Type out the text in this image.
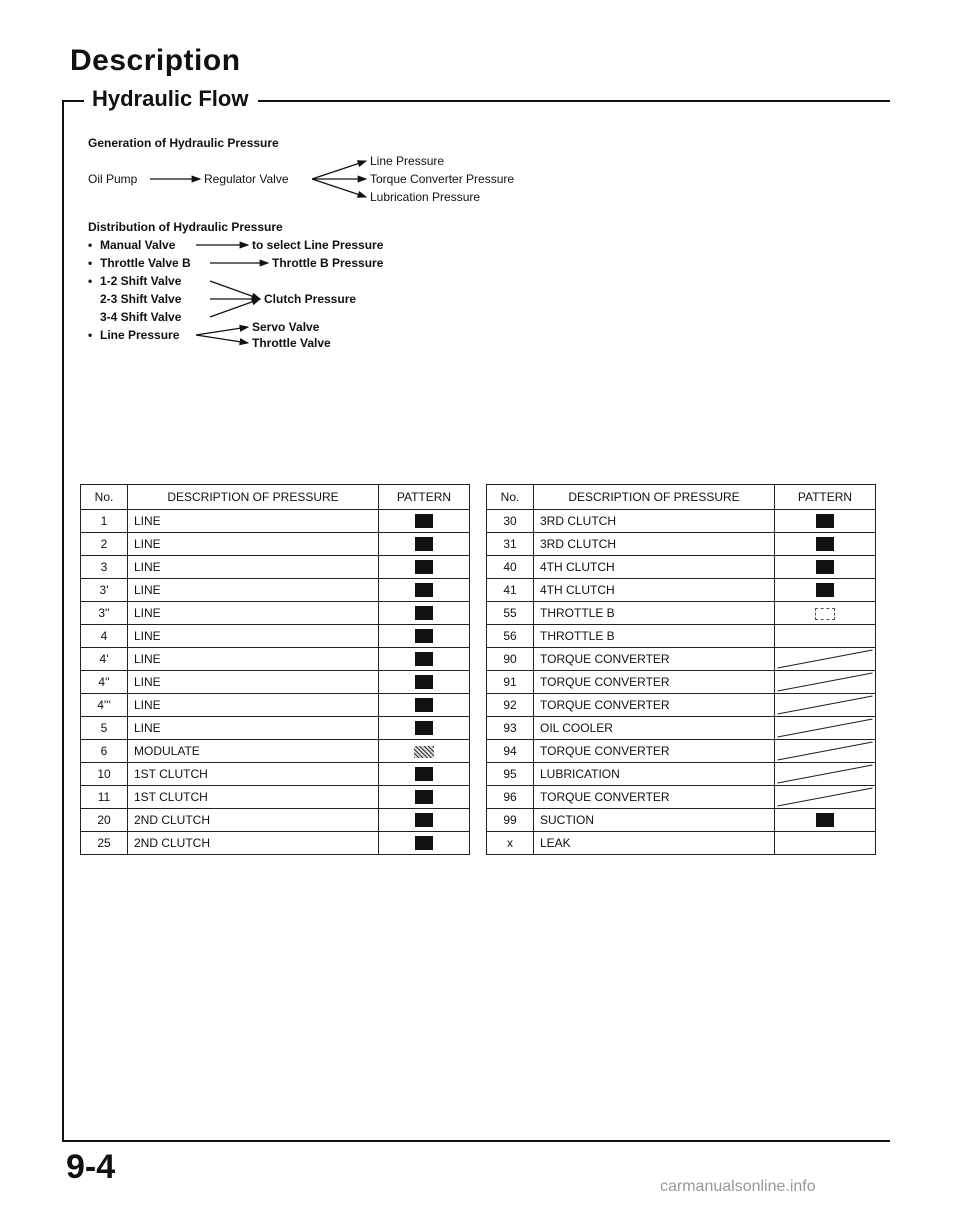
Description
Hydraulic Flow
Generation of Hydraulic Pressure
Oil Pump	Regulator Valve
Line Pressure
Torque Converter Pressure
Lubrication Pressure
Distribution of Hydraulic Pressure
• Manual Valve	to select Line Pressure
• Throttle Valve B	Throttle B Pressure
• 1-2 Shift Valve
2-3 Shift Valve
3-4 Shift Valve
Clutch Pressure
• Line Pressure
Servo Valve
Throttle Valve
No.	DESCRIPTION OF PRESSURE	PATTERN
1	LINE	
2	LINE	
3	LINE	
3'	LINE	
3''	LINE	
4	LINE	
4'	LINE	
4''	LINE	
4'''	LINE	
5	LINE	
6	MODULATE	
10	1ST CLUTCH	
11	1ST CLUTCH	
20	2ND CLUTCH	
25	2ND CLUTCH	
No.	DESCRIPTION OF PRESSURE	PATTERN
30	3RD CLUTCH	
31	3RD CLUTCH	
40	4TH CLUTCH	
41	4TH CLUTCH	
55	THROTTLE B	
56	THROTTLE B	
90	TORQUE CONVERTER	

91	TORQUE CONVERTER	

92	TORQUE CONVERTER	

93	OIL COOLER	

94	TORQUE CONVERTER	

95	LUBRICATION	

96	TORQUE CONVERTER	

99	SUCTION	
x	LEAK	
9-4
carmanualsonline.info
